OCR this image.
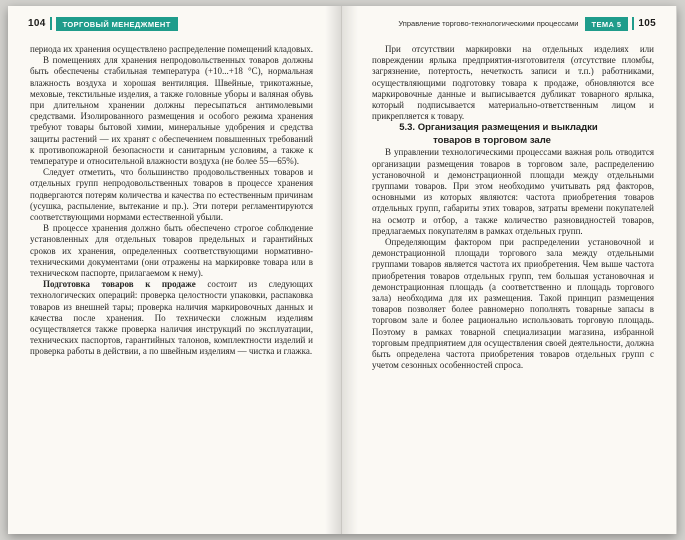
104	ТОРГОВЫЙ МЕНЕДЖМЕНТ

периода их хранения осуществлено распределение помещений кладовых.

В помещениях для хранения непродовольственных товаров должны быть обеспечены стабильная температура (+10...+18 °С), нормальная влажность воздуха и хорошая вентиляция. Швейные, трикотажные, меховые, текстильные изделия, а также головные уборы и валяная обувь при длительном хранении должны пересыпаться антимолевыми средствами. Изолированного размещения и особого режима хранения требуют товары бытовой химии, минеральные удобрения и средства защиты растений — их хранят с обеспечением повышенных требований к противопожарной безопасности и санитарным условиям, а также к температуре и относительной влажности воздуха (не более 55—65%).

Следует отметить, что большинство продовольственных товаров и отдельных групп непродовольственных товаров в процессе хранения подвергаются потерям количества и качества по естественным причинам (усушка, распыление, вытекание и пр.). Эти потери регламентируются соответствующими нормами естественной убыли.

В процессе хранения должно быть обеспечено строгое соблюдение установленных для отдельных товаров предельных и гарантийных сроков их хранения, определенных соответствующими нормативно-техническими документами (они отражены на маркировке товара или в техническом паспорте, прилагаемом к нему).

Подготовка товаров к продаже состоит из следующих технологических операций: проверка целостности упаковки, распаковка товаров из внешней тары; проверка наличия маркировочных данных и качества после хранения. По технически сложным изделиям осуществляется также проверка наличия инструкций по эксплуатации, технических паспортов, гарантийных талонов, комплектности изделий и проверка работы в действии, а по швейным изделиям — чистка и глажка.

Управление торгово-технологическими процессами	ТЕМА 5	105

При отсутствии маркировки на отдельных изделиях или повреждении ярлыка предприятия-изготовителя (отсутствие пломбы, загрязнение, потертость, нечеткость записи и т.п.) работниками, осуществляющими подготовку товара к продаже, обновляются все маркировочные данные и выписывается дубликат товарного ярлыка, который подписывается материально-ответственным лицом и прикрепляется к товару.

5.3. Организация размещения и выкладки товаров в торговом зале

В управлении технологическими процессами важная роль отводится организации размещения товаров в торговом зале, распределению установочной и демонстрационной площади между отдельными группами товаров. При этом необходимо учитывать ряд факторов, основными из которых являются: частота приобретения товаров отдельных групп, габариты этих товаров, затраты времени покупателей на осмотр и отбор, а также количество разновидностей товаров, предлагаемых покупателям в рамках отдельных групп.

Определяющим фактором при распределении установочной и демонстрационной площади торгового зала между отдельными группами товаров является частота их приобретения. Чем выше частота приобретения товаров отдельных групп, тем большая установочная и демонстрационная площадь (а соответственно и площадь торгового зала) необходима для их размещения. Такой принцип размещения товаров позволяет более равномерно пополнять товарные запасы в торговом зале и более рационально использовать торговую площадь. Поэтому в рамках товарной специализации магазина, избранной торговым предприятием для осуществления своей деятельности, должна быть определена частота приобретения товаров отдельных групп с учетом сезонных особенностей спроса.
